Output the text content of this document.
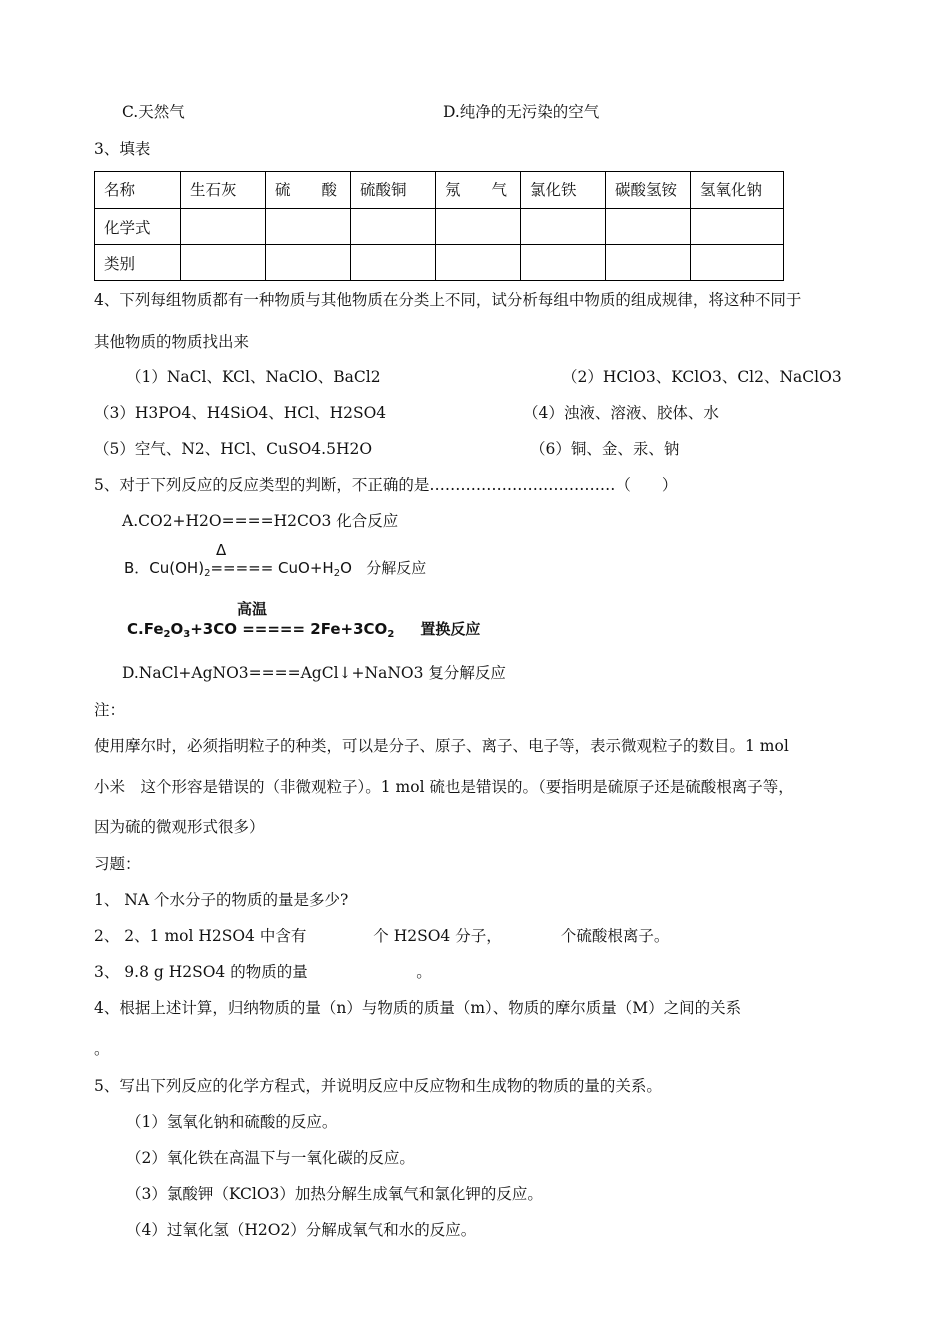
C.天然气	D.纯净的无污染的空气
3、填表
名称	生石灰	硫　　酸	硫酸铜	氖　　气	氯化铁	碳酸氢铵	氢氧化钠
化学式							
类别							
4、下列每组物质都有一种物质与其他物质在分类上不同，试分析每组中物质的组成规律，将这种不同于
其他物质的物质找出来
（1）NaCl、KCl、NaClO、BaCl2	（2）HClO3、KClO3、Cl2、NaClO3
（3）H3PO4、H4SiO4、HCl、H2SO4	（4）浊液、溶液、胶体、水
（5）空气、N2、HCl、CuSO4.5H2O	（6）铜、金、汞、钠
5、对于下列反应的反应类型的判断，不正确的是………………………………（　　）
A.CO2+H2O====H2CO3 化合反应
Δ
B．$Cu(OH)_2===== CuO+H_2O$ 分解反应
高温
$C.Fe_2O_3+3CO$ ===== $2Fe+3CO_2$ 置换反应
D.NaCl+AgNO3====AgCl↓+NaNO3 复分解反应
注：
使用摩尔时，必须指明粒子的种类，可以是分子、原子、离子、电子等，表示微观粒子的数目。1 mol
小米　这个形容是错误的（非微观粒子）。1 mol 硫也是错误的。（要指明是硫原子还是硫酸根离子等，
因为硫的微观形式很多）
习题：
1、 NA 个水分子的物质的量是多少?
2、 2、1 mol H2SO4 中含有　　　　 个 H2SO4 分子，　　　　 个硫酸根离子。
3、 9.8 g H2SO4 的物质的量　　　　　　　。
4、根据上述计算，归纳物质的量（n）与物质的质量（m）、物质的摩尔质量（M）之间的关系
。
5、写出下列反应的化学方程式，并说明反应中反应物和生成物的物质的量的关系。
（1）氢氧化钠和硫酸的反应。
（2）氧化铁在高温下与一氧化碳的反应。
（3）氯酸钾（KClO3）加热分解生成氧气和氯化钾的反应。
（4）过氧化氢（H2O2）分解成氧气和水的反应。
